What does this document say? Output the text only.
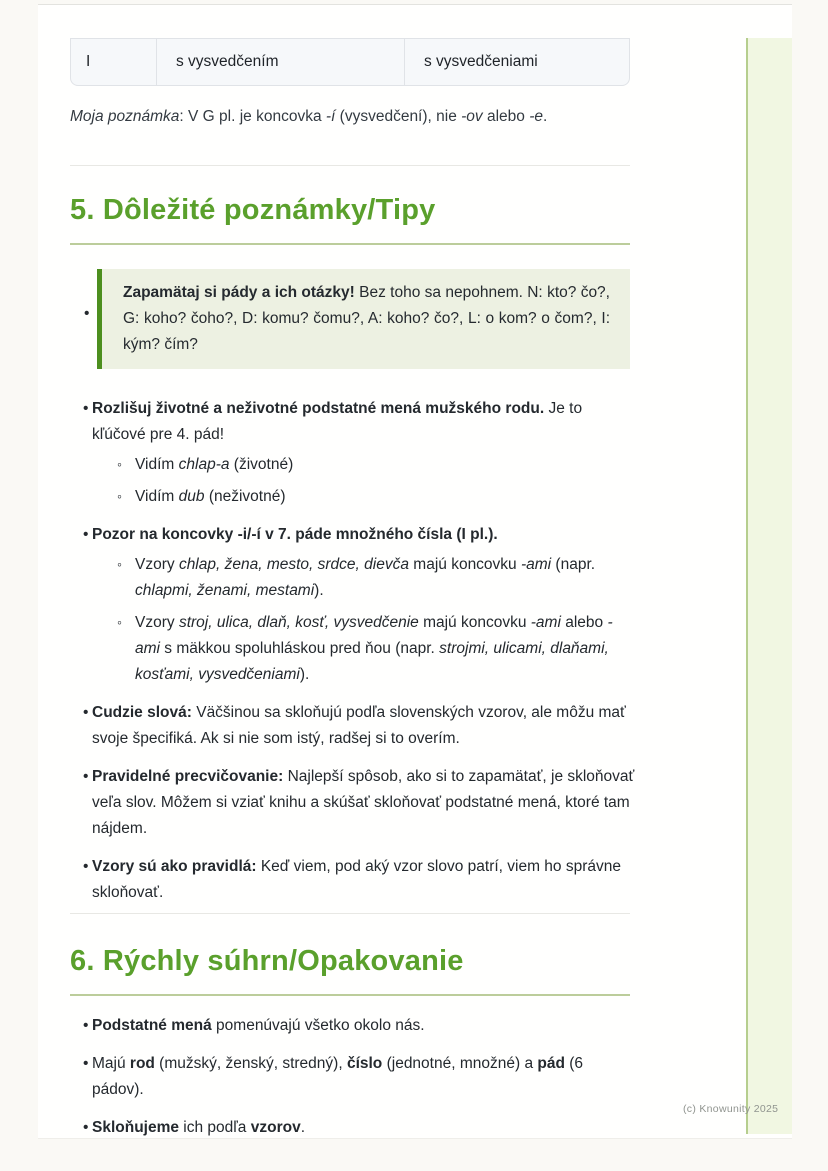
I	s vysvedčením	s vysvedčeniami
Moja poznámka: V G pl. je koncovka -í (vysvedčení), nie -ov alebo -e.
5. Dôležité poznámky/Tipy
•
Zapamätaj si pády a ich otázky! Bez toho sa nepohnem. N: kto? čo?, G: koho? čoho?, D: komu? čomu?, A: koho? čo?, L: o kom? o čom?, I: kým? čím?
• Rozlišuj životné a neživotné podstatné mená mužského rodu. Je to kľúčové pre 4. pád!
◦ Vidím chlap-a (životné)
◦ Vidím dub (neživotné)
• Pozor na koncovky -i/-í v 7. páde množného čísla (I pl.).
◦ Vzory chlap, žena, mesto, srdce, dievča majú koncovku -ami (napr. chlapmi, ženami, mestami).
◦ Vzory stroj, ulica, dlaň, kosť, vysvedčenie majú koncovku -ami alebo -ami s mäkkou spoluhláskou pred ňou (napr. strojmi, ulicami, dlaňami, kosťami, vysvedčeniami).
• Cudzie slová: Väčšinou sa skloňujú podľa slovenských vzorov, ale môžu mať svoje špecifiká. Ak si nie som istý, radšej si to overím.
• Pravidelné precvičovanie: Najlepší spôsob, ako si to zapamätať, je skloňovať veľa slov. Môžem si vziať knihu a skúšať skloňovať podstatné mená, ktoré tam nájdem.
• Vzory sú ako pravidlá: Keď viem, pod aký vzor slovo patrí, viem ho správne skloňovať.
6. Rýchly súhrn/Opakovanie
• Podstatné mená pomenúvajú všetko okolo nás.
• Majú rod (mužský, ženský, stredný), číslo (jednotné, množné) a pád (6 pádov).
• Skloňujeme ich podľa vzorov.
(c) Knowunity 2025
